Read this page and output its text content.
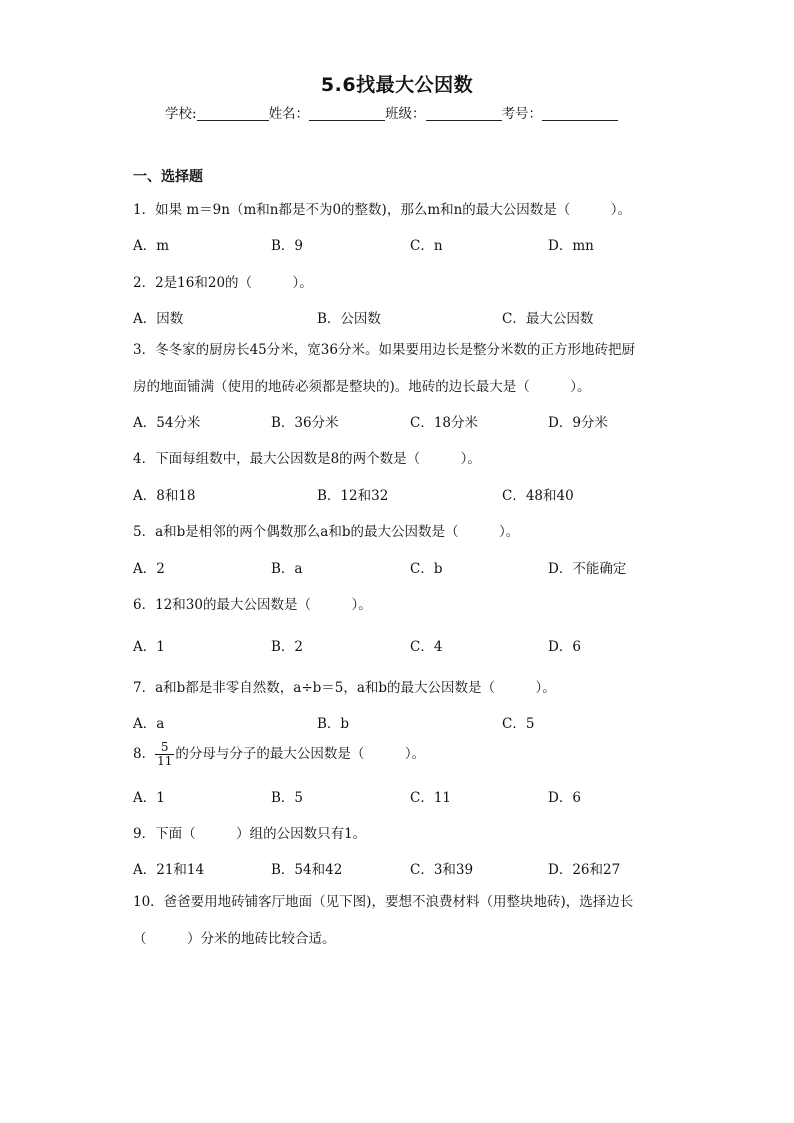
5.6找最大公因数
学校:	姓名：	班级：	考号：
一、选择题
1．如果 m＝9n（m和n都是不为0的整数)，那么m和n的最大公因数是（　　　）。
A．m	B．9	C．n	D．mn
2．2是16和20的（　　　）。
A．因数	B．公因数	C．最大公因数
3．冬冬家的厨房长45分米，宽36分米。如果要用边长是整分米数的正方形地砖把厨
房的地面铺满（使用的地砖必须都是整块的)。地砖的边长最大是（　　　）。
A．54分米	B．36分米	C．18分米	D．9分米
4．下面每组数中，最大公因数是8的两个数是（　　　）。
A．8和18	B．12和32	C．48和40
5．a和b是相邻的两个偶数那么a和b的最大公因数是（　　　）。
A．2	B．a	C．b	D．不能确定
6．12和30的最大公因数是（　　　）。
A．1	B．2	C．4	D．6
7．a和b都是非零自然数，a÷b＝5，a和b的最大公因数是（　　　）。
A．a	B．b	C．5
8． $\frac{5}{11}$ 的分母与分子的最大公因数是（　　　）。
A．1	B．5	C．11	D．6
9．下面（　　　）组的公因数只有1。
A．21和14	B．54和42	C．3和39	D．26和27
10．爸爸要用地砖铺客厅地面（见下图)，要想不浪费材料（用整块地砖)，选择边长
（　　　）分米的地砖比较合适。
